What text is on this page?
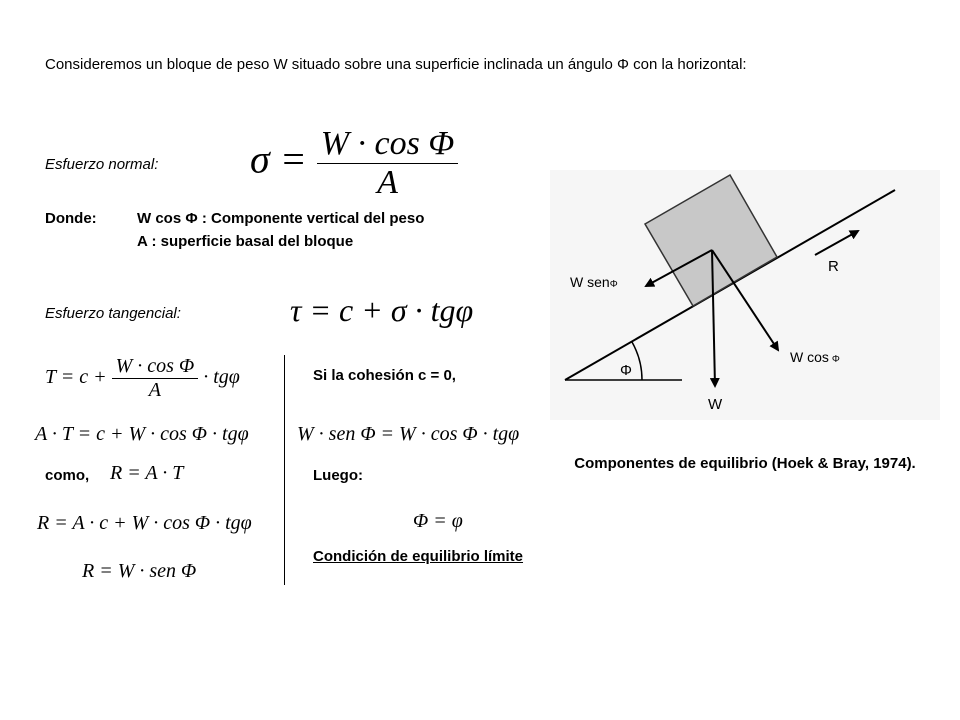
Consideremos un bloque de peso W situado sobre una superficie inclinada un ángulo Φ con la horizontal:
Esfuerzo normal: $\sigma = \frac{\text{W · cos Φ}}{A}$
Donde:	W cos Φ : Componente vertical del peso
A : superficie basal del bloque
Esfuerzo tangencial:	τ = c + σ · tgφ
$T = c + \frac{\text{W · cos Φ}}{A} \cdot tg\varphi$
A · T = c + W · cos Φ · tgφ
como, R = A · T
R = A · c + W · cos Φ · tgφ
R = W · sen Φ
Si la cohesión c = 0,
W · sen Φ = W · cos Φ · tgφ
Luego:
Φ = φ
Condición de equilibrio límite
Φ
W senΦ
W cos Φ
R
W
Componentes de equilibrio (Hoek & Bray, 1974).
